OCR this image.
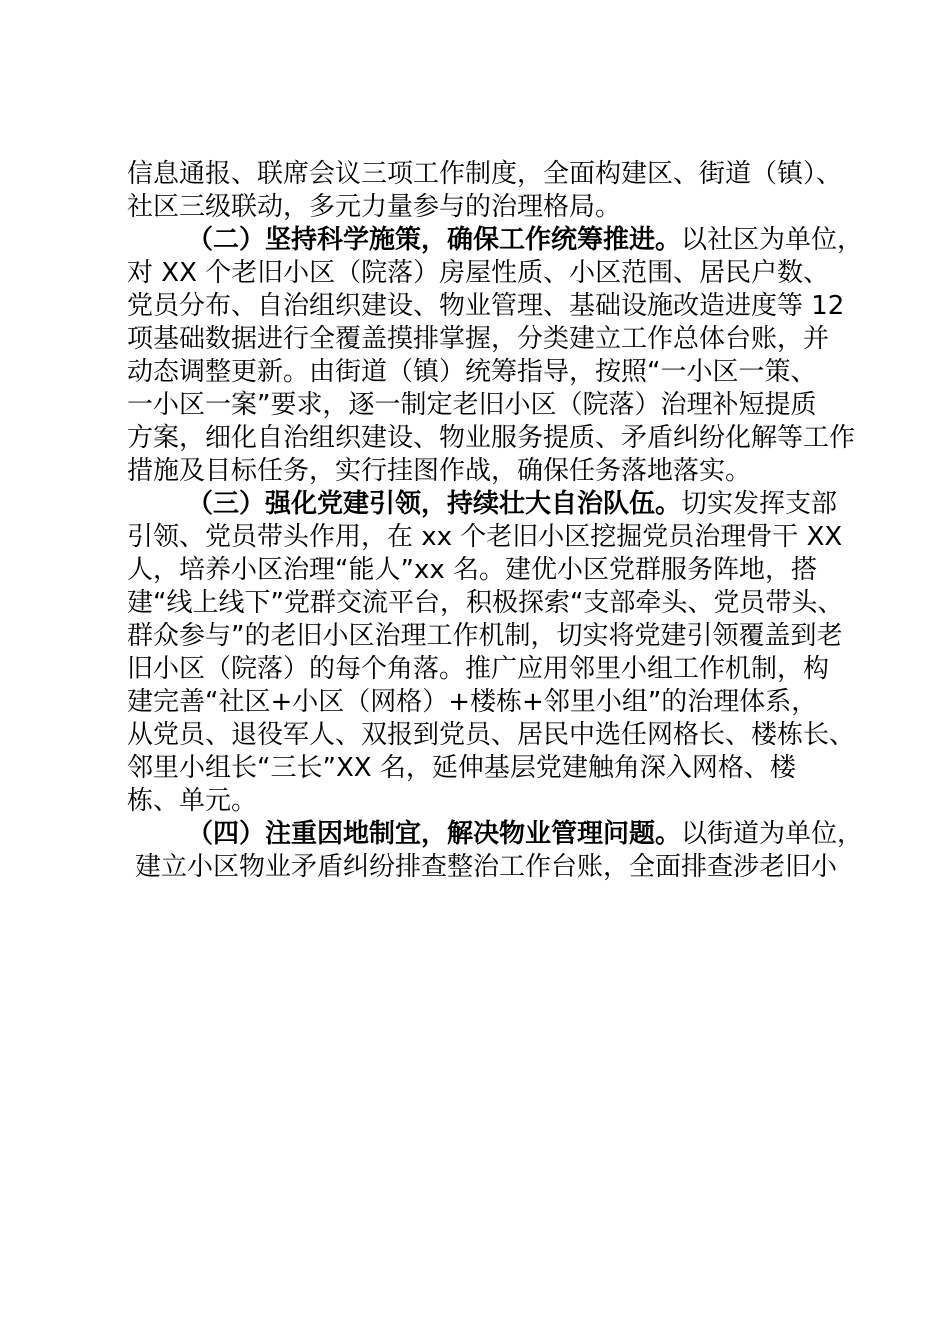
信息通报、联席会议三项工作制度，全面构建区、街道（镇）、
社区三级联动，多元力量参与的治理格局。
（二）坚持科学施策，确保工作统筹推进。以社区为单位，
对 XX 个老旧小区（院落）房屋性质、小区范围、居民户数、
党员分布、自治组织建设、物业管理、基础设施改造进度等 12
项基础数据进行全覆盖摸排掌握，分类建立工作总体台账，并
动态调整更新。由街道（镇）统筹指导，按照“一小区一策、
一小区一案”要求，逐一制定老旧小区（院落）治理补短提质
方案，细化自治组织建设、物业服务提质、矛盾纠纷化解等工作
措施及目标任务，实行挂图作战，确保任务落地落实。
（三）强化党建引领，持续壮大自治队伍。切实发挥支部
引领、党员带头作用，在 xx 个老旧小区挖掘党员治理骨干 XX
人，培养小区治理“能人”xx 名。建优小区党群服务阵地，搭
建“线上线下”党群交流平台，积极探索“支部牵头、党员带头、
群众参与”的老旧小区治理工作机制，切实将党建引领覆盖到老
旧小区（院落）的每个角落。推广应用邻里小组工作机制，构
建完善“社区+小区（网格）+楼栋+邻里小组”的治理体系，
从党员、退役军人、双报到党员、居民中选任网格长、楼栋长、
邻里小组长“三长”XX 名，延伸基层党建触角深入网格、楼
栋、单元。
（四）注重因地制宜，解决物业管理问题。以街道为单位，
建立小区物业矛盾纠纷排查整治工作台账，全面排查涉老旧小
